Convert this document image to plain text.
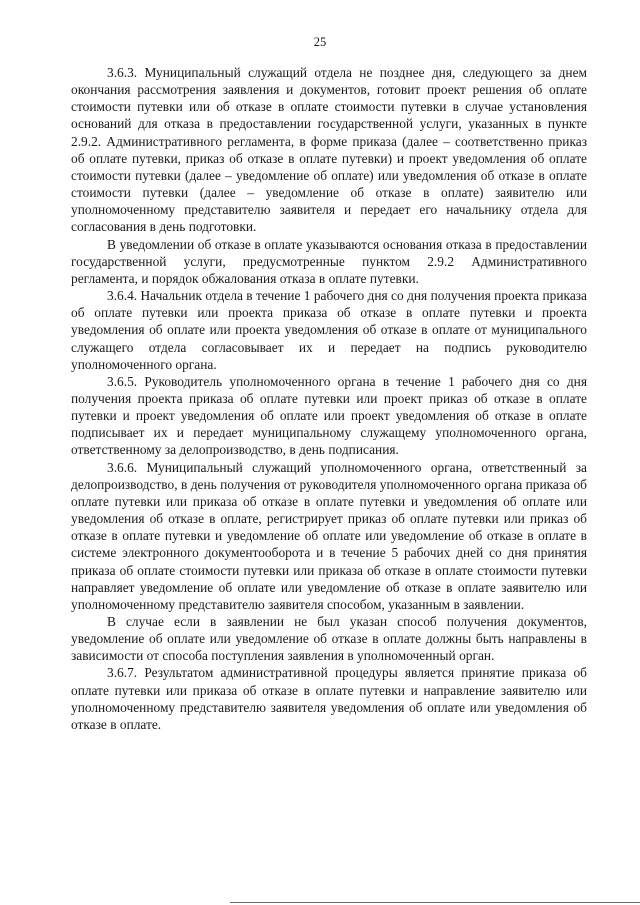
25

3.6.3. Муниципальный служащий отдела не позднее дня, следующего за днем окончания рассмотрения заявления и документов, готовит проект решения об оплате стоимости путевки или об отказе в оплате стоимости путевки в случае установления оснований для отказа в предоставлении государственной услуги, указанных в пункте 2.9.2. Административного регламента, в форме приказа (далее – соответственно приказ об оплате путевки, приказ об отказе в оплате путевки) и проект уведомления об оплате стоимости путевки (далее – уведомление об оплате) или уведомления об отказе в оплате стоимости путевки (далее – уведомление об отказе в оплате) заявителю или уполномоченному представителю заявителя и передает его начальнику отдела для согласования в день подготовки.

В уведомлении об отказе в оплате указываются основания отказа в предоставлении государственной услуги, предусмотренные пунктом 2.9.2 Административного регламента, и порядок обжалования отказа в оплате путевки.

3.6.4. Начальник отдела в течение 1 рабочего дня со дня получения проекта приказа об оплате путевки или проекта приказа об отказе в оплате путевки и проекта уведомления об оплате или проекта уведомления об отказе в оплате от муниципального служащего отдела согласовывает их и передает на подпись руководителю уполномоченного органа.

3.6.5. Руководитель уполномоченного органа в течение 1 рабочего дня со дня получения проекта приказа об оплате путевки или проект приказ об отказе в оплате путевки и проект уведомления об оплате или проект уведомления об отказе в оплате подписывает их и передает муниципальному служащему уполномоченного органа, ответственному за делопроизводство, в день подписания.

3.6.6. Муниципальный служащий уполномоченного органа, ответственный за делопроизводство, в день получения от руководителя уполномоченного органа приказа об оплате путевки или приказа об отказе в оплате путевки и уведомления об оплате или уведомления об отказе в оплате, регистрирует приказ об оплате путевки или приказ об отказе в оплате путевки и уведомление об оплате или уведомление об отказе в оплате в системе электронного документооборота и в течение 5 рабочих дней со дня принятия приказа об оплате стоимости путевки или приказа об отказе в оплате стоимости путевки направляет уведомление об оплате или уведомление об отказе в оплате заявителю или уполномоченному представителю заявителя способом, указанным в заявлении.

В случае если в заявлении не был указан способ получения документов, уведомление об оплате или уведомление об отказе в оплате должны быть направлены в зависимости от способа поступления заявления в уполномоченный орган.

3.6.7. Результатом административной процедуры является принятие приказа об оплате путевки или приказа об отказе в оплате путевки и направление заявителю или уполномоченному представителю заявителя уведомления об оплате или уведомления об отказе в оплате.
